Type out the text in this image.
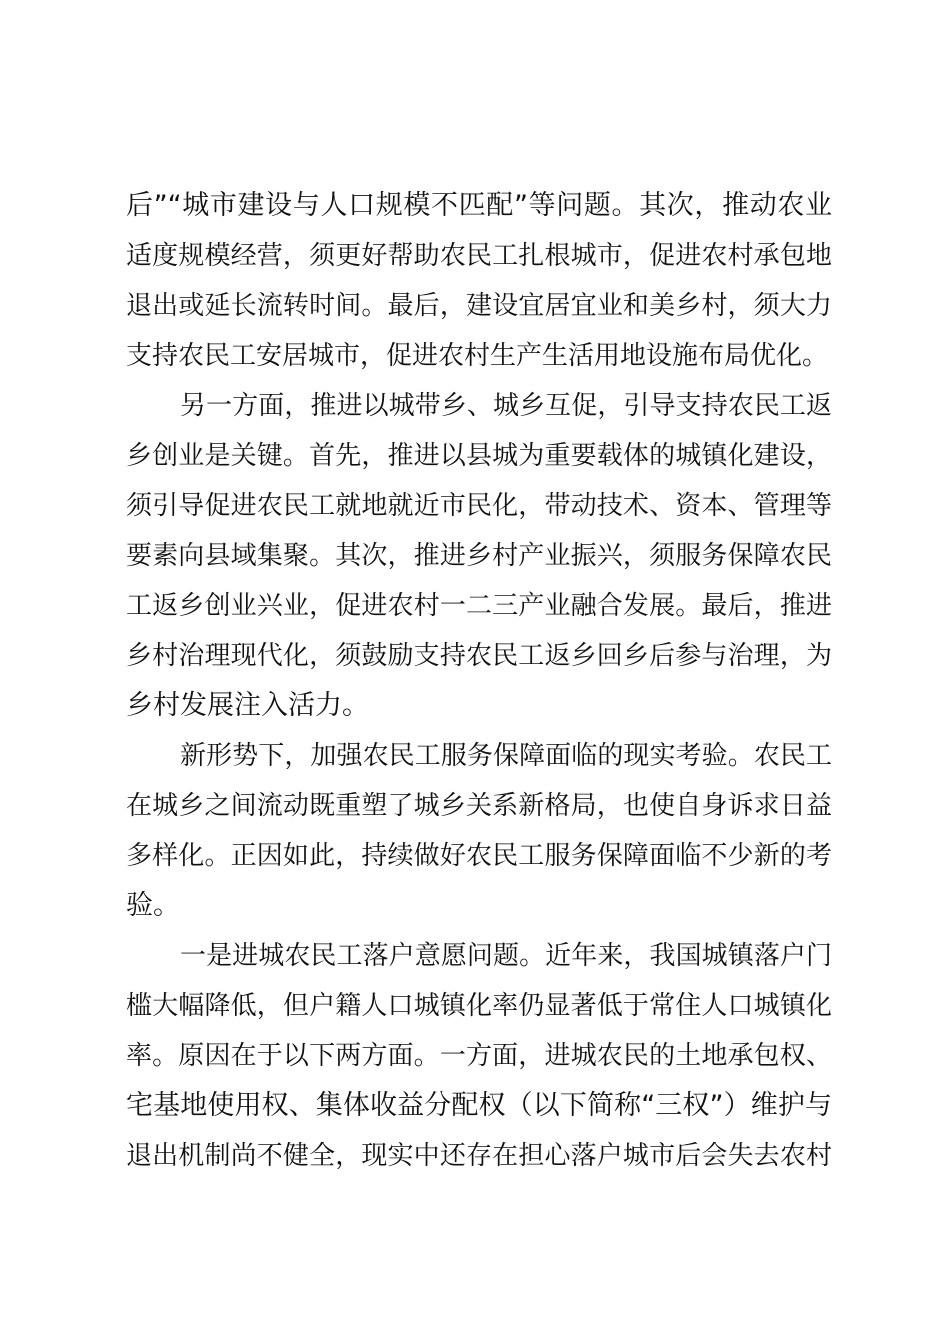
后”“城市建设与人口规模不匹配”等问题。其次，推动农业
适度规模经营，须更好帮助农民工扎根城市，促进农村承包地
退出或延长流转时间。最后，建设宜居宜业和美乡村，须大力
支持农民工安居城市，促进农村生产生活用地设施布局优化。
另一方面，推进以城带乡、城乡互促，引导支持农民工返
乡创业是关键。首先，推进以县城为重要载体的城镇化建设，
须引导促进农民工就地就近市民化，带动技术、资本、管理等
要素向县域集聚。其次，推进乡村产业振兴，须服务保障农民
工返乡创业兴业，促进农村一二三产业融合发展。最后，推进
乡村治理现代化，须鼓励支持农民工返乡回乡后参与治理，为
乡村发展注入活力。
新形势下，加强农民工服务保障面临的现实考验。农民工
在城乡之间流动既重塑了城乡关系新格局，也使自身诉求日益
多样化。正因如此，持续做好农民工服务保障面临不少新的考
验。
一是进城农民工落户意愿问题。近年来，我国城镇落户门
槛大幅降低，但户籍人口城镇化率仍显著低于常住人口城镇化
率。原因在于以下两方面。一方面，进城农民的土地承包权、
宅基地使用权、集体收益分配权（以下简称“三权”）维护与
退出机制尚不健全，现实中还存在担心落户城市后会失去农村
